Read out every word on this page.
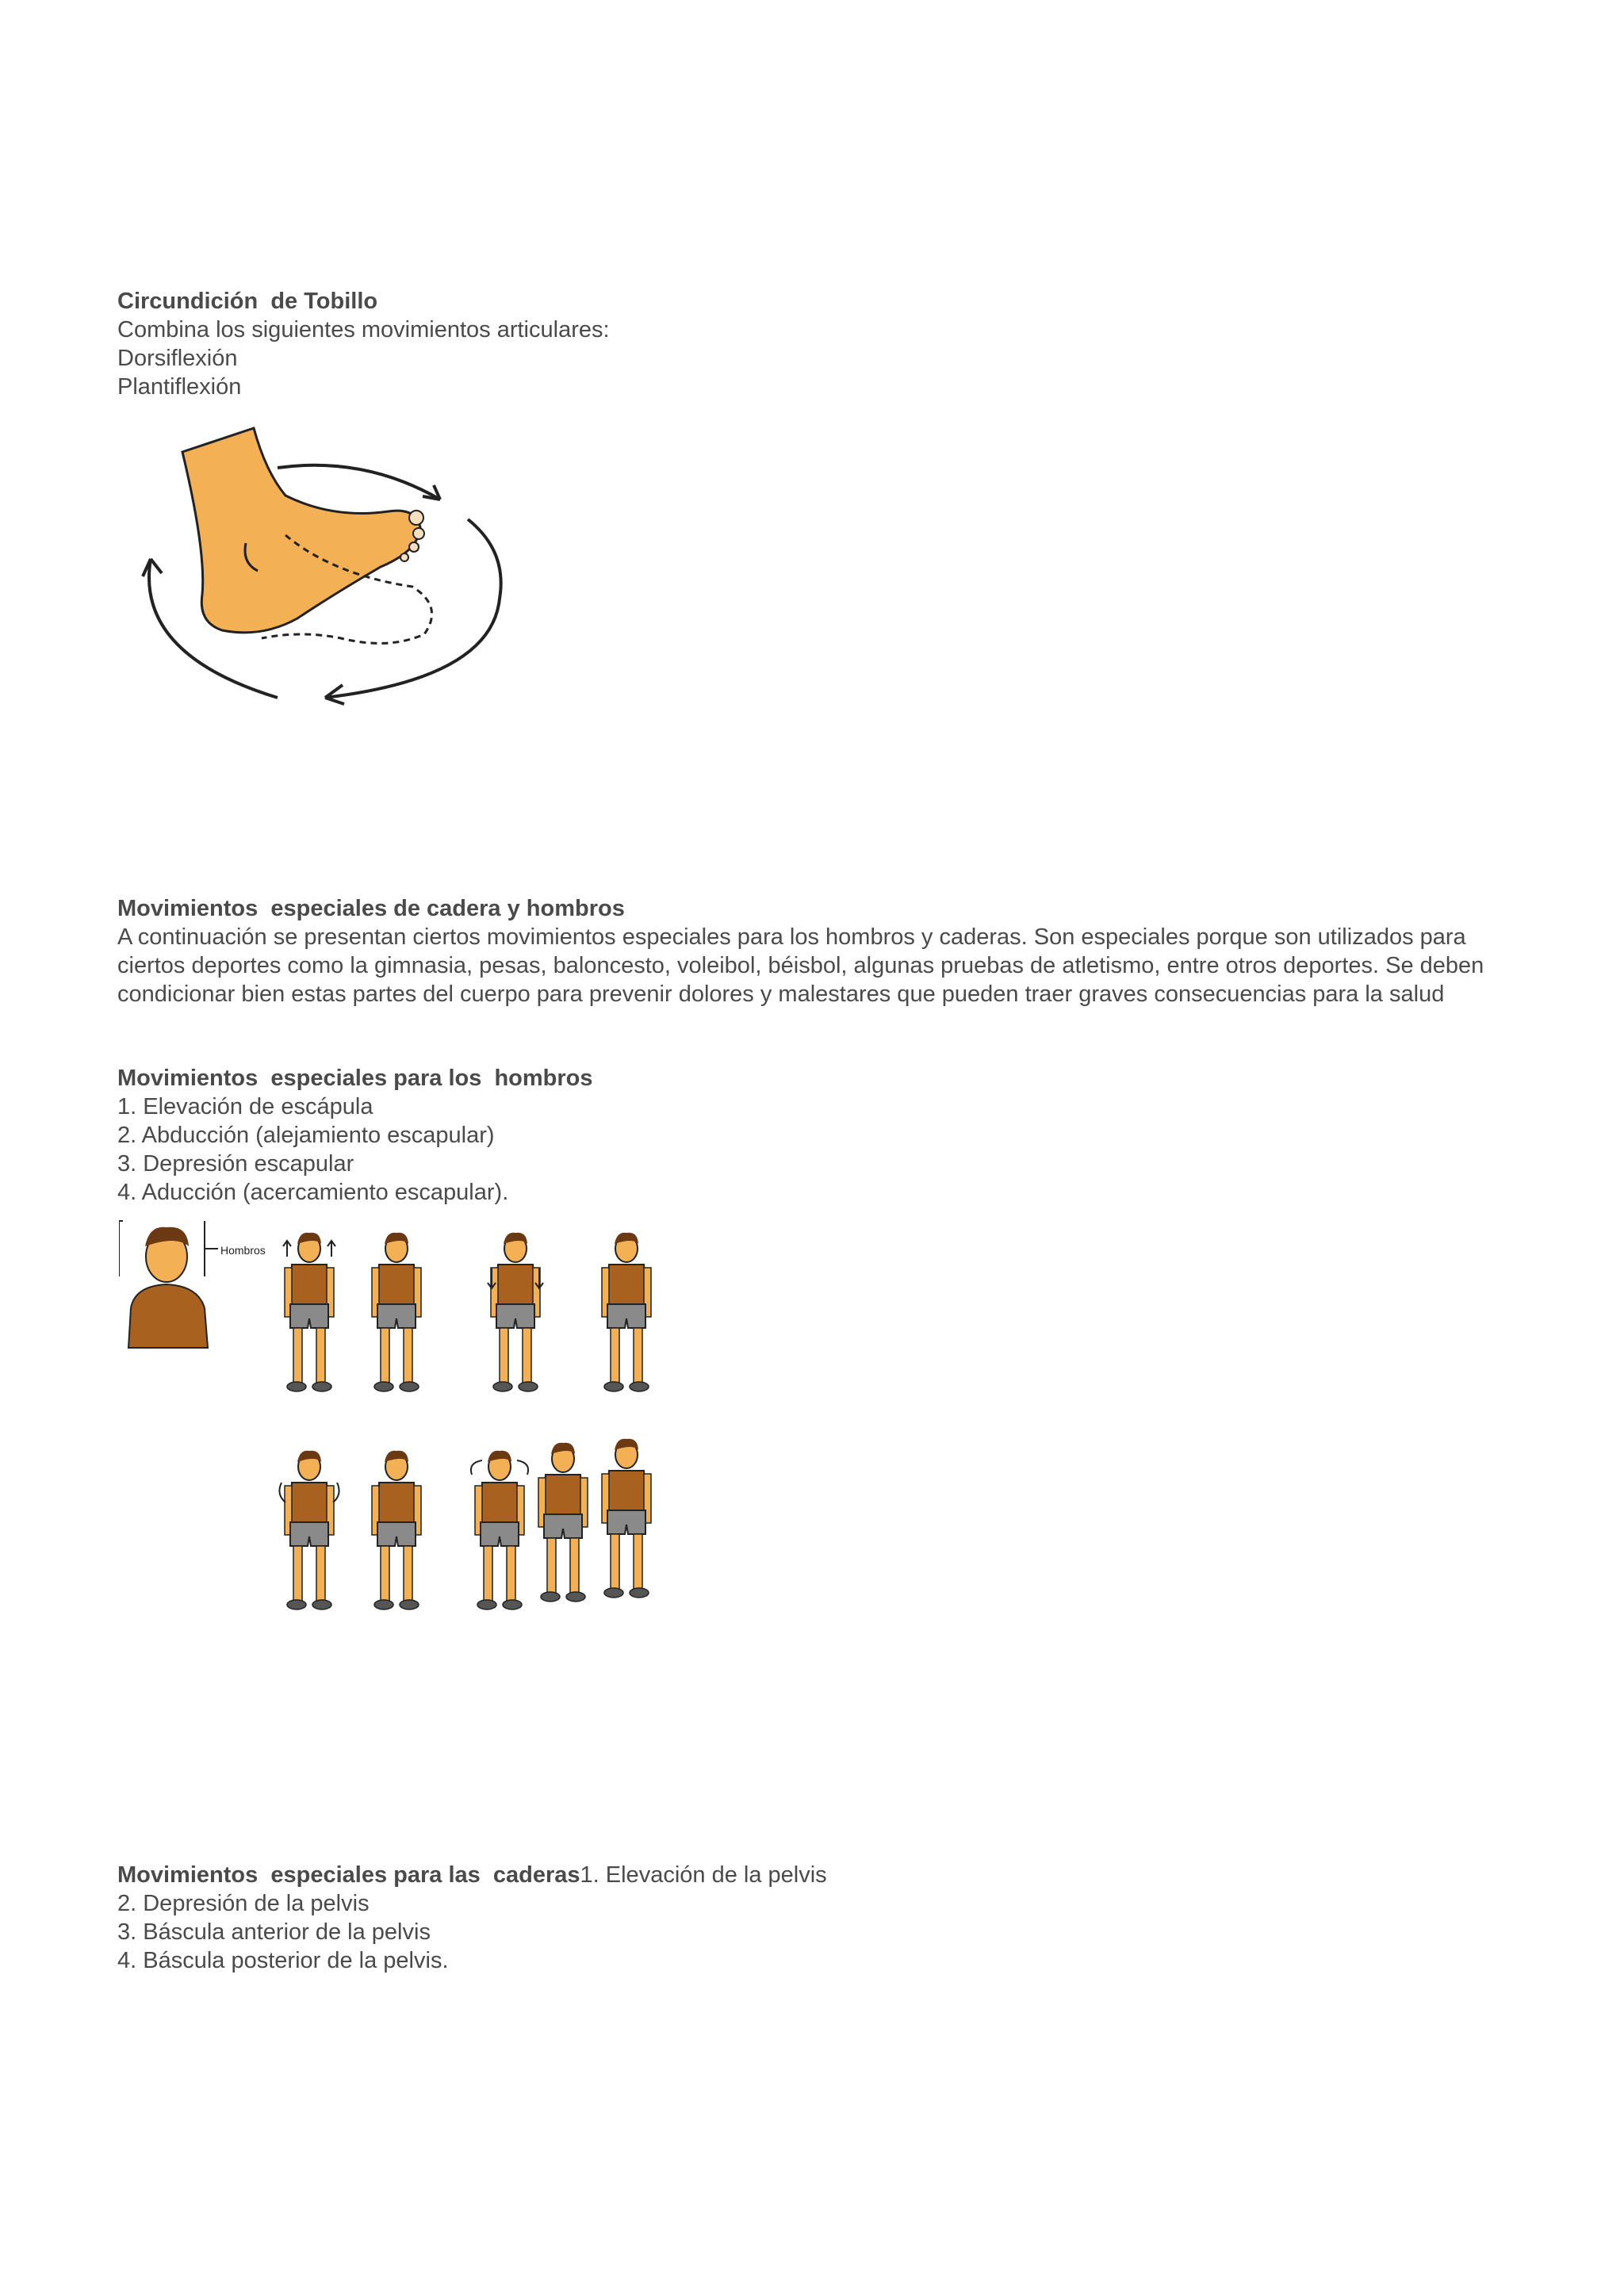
Circundición  de Tobillo
Combina los siguientes movimientos articulares:
Dorsiflexión
Plantiflexión
Movimientos  especiales de cadera y hombros
A continuación se presentan ciertos movimientos especiales para los hombros y caderas. Son especiales porque son utilizados para ciertos deportes como la gimnasia, pesas, baloncesto, voleibol, béisbol, algunas pruebas de atletismo, entre otros deportes. Se deben condicionar bien estas partes del cuerpo para prevenir dolores y malestares que pueden traer graves consecuencias para la salud
Movimientos  especiales para los  hombros
1. Elevación de escápula
2. Abducción (alejamiento escapular)
3. Depresión escapular
4. Aducción (acercamiento escapular).
Hombros
Movimientos  especiales para las  caderas1. Elevación de la pelvis
2. Depresión de la pelvis
3. Báscula anterior de la pelvis
4. Báscula posterior de la pelvis.
